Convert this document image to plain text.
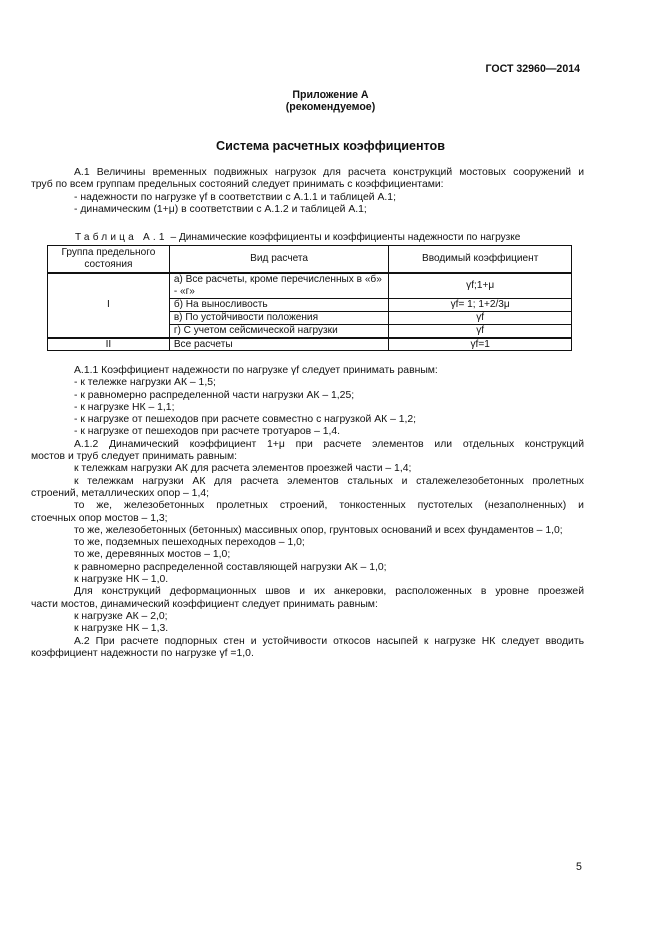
ГОСТ 32960—2014
Приложение А
(рекомендуемое)
Система расчетных коэффициентов
А.1 Величины временных подвижных нагрузок для расчета конструкций мостовых сооружений и
труб по всем группам предельных состояний следует принимать с коэффициентами:
- надежности по нагрузке γf в соответствии с А.1.1 и таблицей А.1;
- динамическим (1+μ) в соответствии с А.1.2 и таблицей А.1;
Таблица А.1 – Динамические коэффициенты и коэффициенты надежности по нагрузке
Группа предельного состояния	Вид расчета	Вводимый коэффициент
I	а) Все расчеты, кроме перечисленных в «б» - «г»	γf;1+μ
	б) На выносливость	γf= 1; 1+2/3μ
	в) По устойчивости положения	γf
	г) С учетом сейсмической нагрузки	γf
II	Все расчеты	γf=1
А.1.1 Коэффициент надежности по нагрузке γf следует принимать равным:
- к тележке нагрузки АК – 1,5;
- к равномерно распределенной части нагрузки АК – 1,25;
- к нагрузке НК – 1,1;
- к нагрузке от пешеходов при расчете совместно с нагрузкой АК – 1,2;
- к нагрузке от пешеходов при расчете тротуаров – 1,4.
А.1.2 Динамический коэффициент 1+μ при расчете элементов или отдельных конструкций
мостов и труб следует принимать равным:
к тележкам нагрузки АК для расчета элементов проезжей части – 1,4;
к тележкам нагрузки АК для расчета элементов стальных и сталежелезобетонных пролетных
строений, металлических опор – 1,4;
то же, железобетонных пролетных строений, тонкостенных пустотелых (незаполненных) и
стоечных опор мостов – 1,3;
то же, железобетонных (бетонных) массивных опор, грунтовых оснований и всех фундаментов – 1,0;
то же, подземных пешеходных переходов – 1,0;
то же, деревянных мостов – 1,0;
к равномерно распределенной составляющей нагрузки АК – 1,0;
к нагрузке НК – 1,0.
Для конструкций деформационных швов и их анкеровки, расположенных в уровне проезжей
части мостов, динамический коэффициент следует принимать равным:
к нагрузке АК – 2,0;
к нагрузке НК – 1,3.
А.2 При расчете подпорных стен и устойчивости откосов насыпей к нагрузке НК следует вводить
коэффициент надежности по нагрузке γf =1,0.
5
